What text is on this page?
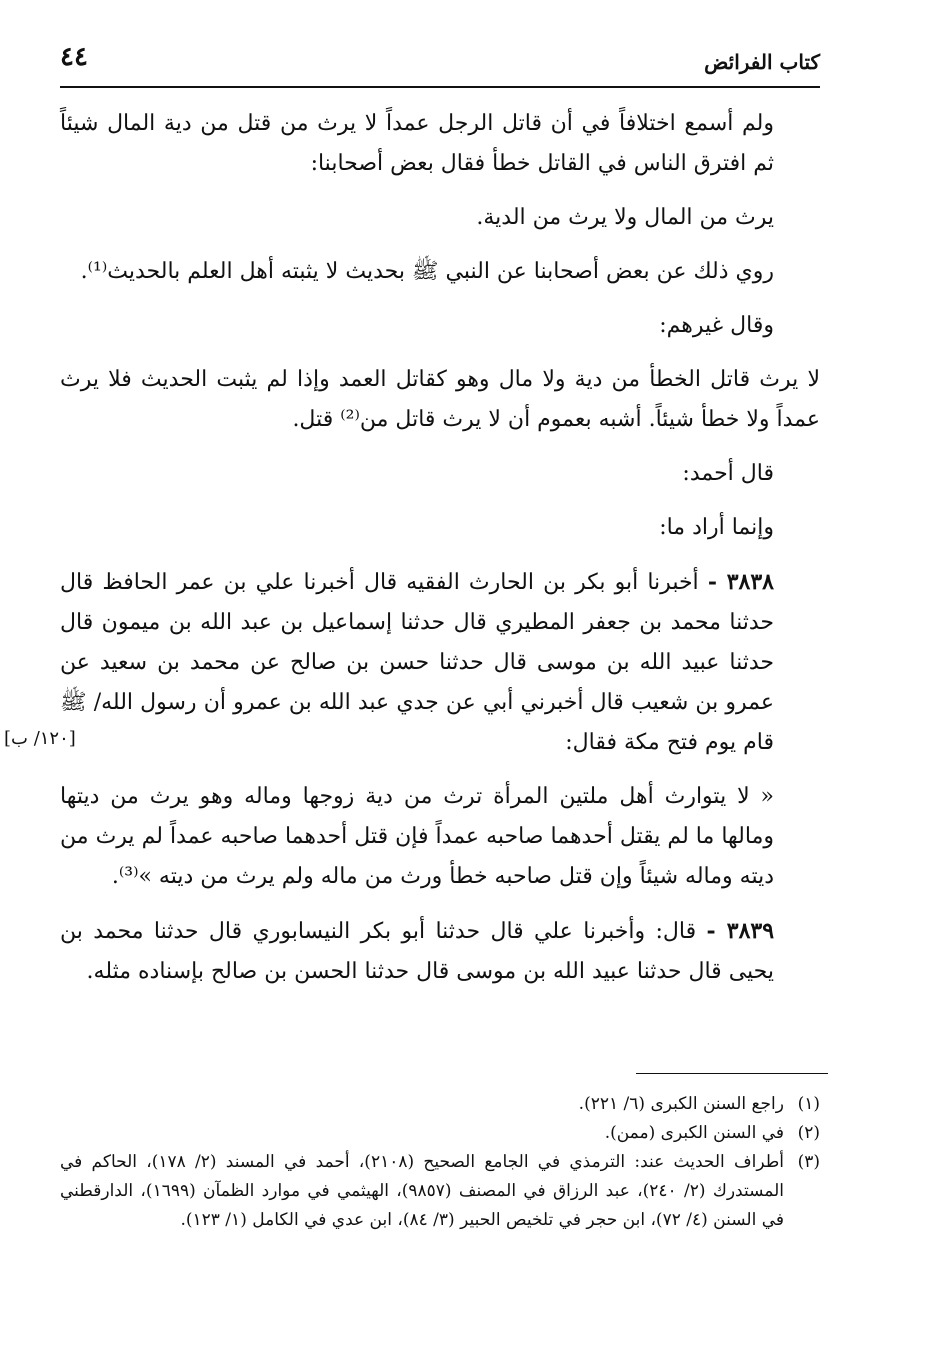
٤٤	كتاب الفرائض
[١٢٠/ ب]

ولم أسمع اختلافاً في أن قاتل الرجل عمداً لا يرث من قتل من دية المال شيئاً ثم افترق الناس في القاتل خطأ فقال بعض أصحابنا:

يرث من المال ولا يرث من الدية.

روي ذلك عن بعض أصحابنا عن النبي ﷺ بحديث لا يثبته أهل العلم بالحديث⁽¹⁾.

وقال غيرهم:

لا يرث قاتل الخطأ من دية ولا مال وهو كقاتل العمد وإذا لم يثبت الحديث فلا يرث عمداً ولا خطأ شيئاً. أشبه بعموم أن لا يرث قاتل من⁽²⁾ قتل.

قال أحمد:

وإنما أراد ما:

٣٨٣٨ - أخبرنا أبو بكر بن الحارث الفقيه قال أخبرنا علي بن عمر الحافظ قال حدثنا محمد بن جعفر المطيري قال حدثنا إسماعيل بن عبد الله بن ميمون قال حدثنا عبيد الله بن موسى قال حدثنا حسن بن صالح عن محمد بن سعيد عن عمرو بن شعيب قال أخبرني أبي عن جدي عبد الله بن عمرو أن رسول الله/ ﷺ قام يوم فتح مكة فقال:

« لا يتوارث أهل ملتين المرأة ترث من دية زوجها وماله وهو يرث من ديتها ومالها ما لم يقتل أحدهما صاحبه عمداً فإن قتل أحدهما صاحبه عمداً لم يرث من ديته وماله شيئاً وإن قتل صاحبه خطأ ورث من ماله ولم يرث من ديته »⁽³⁾.

٣٨٣٩ - قال: وأخبرنا علي قال حدثنا أبو بكر النيسابوري قال حدثنا محمد بن يحيى قال حدثنا عبيد الله بن موسى قال حدثنا الحسن بن صالح بإسناده مثله.

(١)
راجع السنن الكبرى (٦/ ٢٢١).
(٢)
في السنن الكبرى (ممن).
(٣)
أطراف الحديث عند: الترمذي في الجامع الصحيح (٢١٠٨)، أحمد في المسند (٢/ ١٧٨)، الحاكم في المستدرك (٢/ ٢٤٠)، عبد الرزاق في المصنف (٩٨٥٧)، الهيثمي في موارد الظمآن (١٦٩٩)، الدارقطني في السنن (٤/ ٧٢)، ابن حجر في تلخيص الحبير (٣/ ٨٤)، ابن عدي في الكامل (١/ ١٢٣).
